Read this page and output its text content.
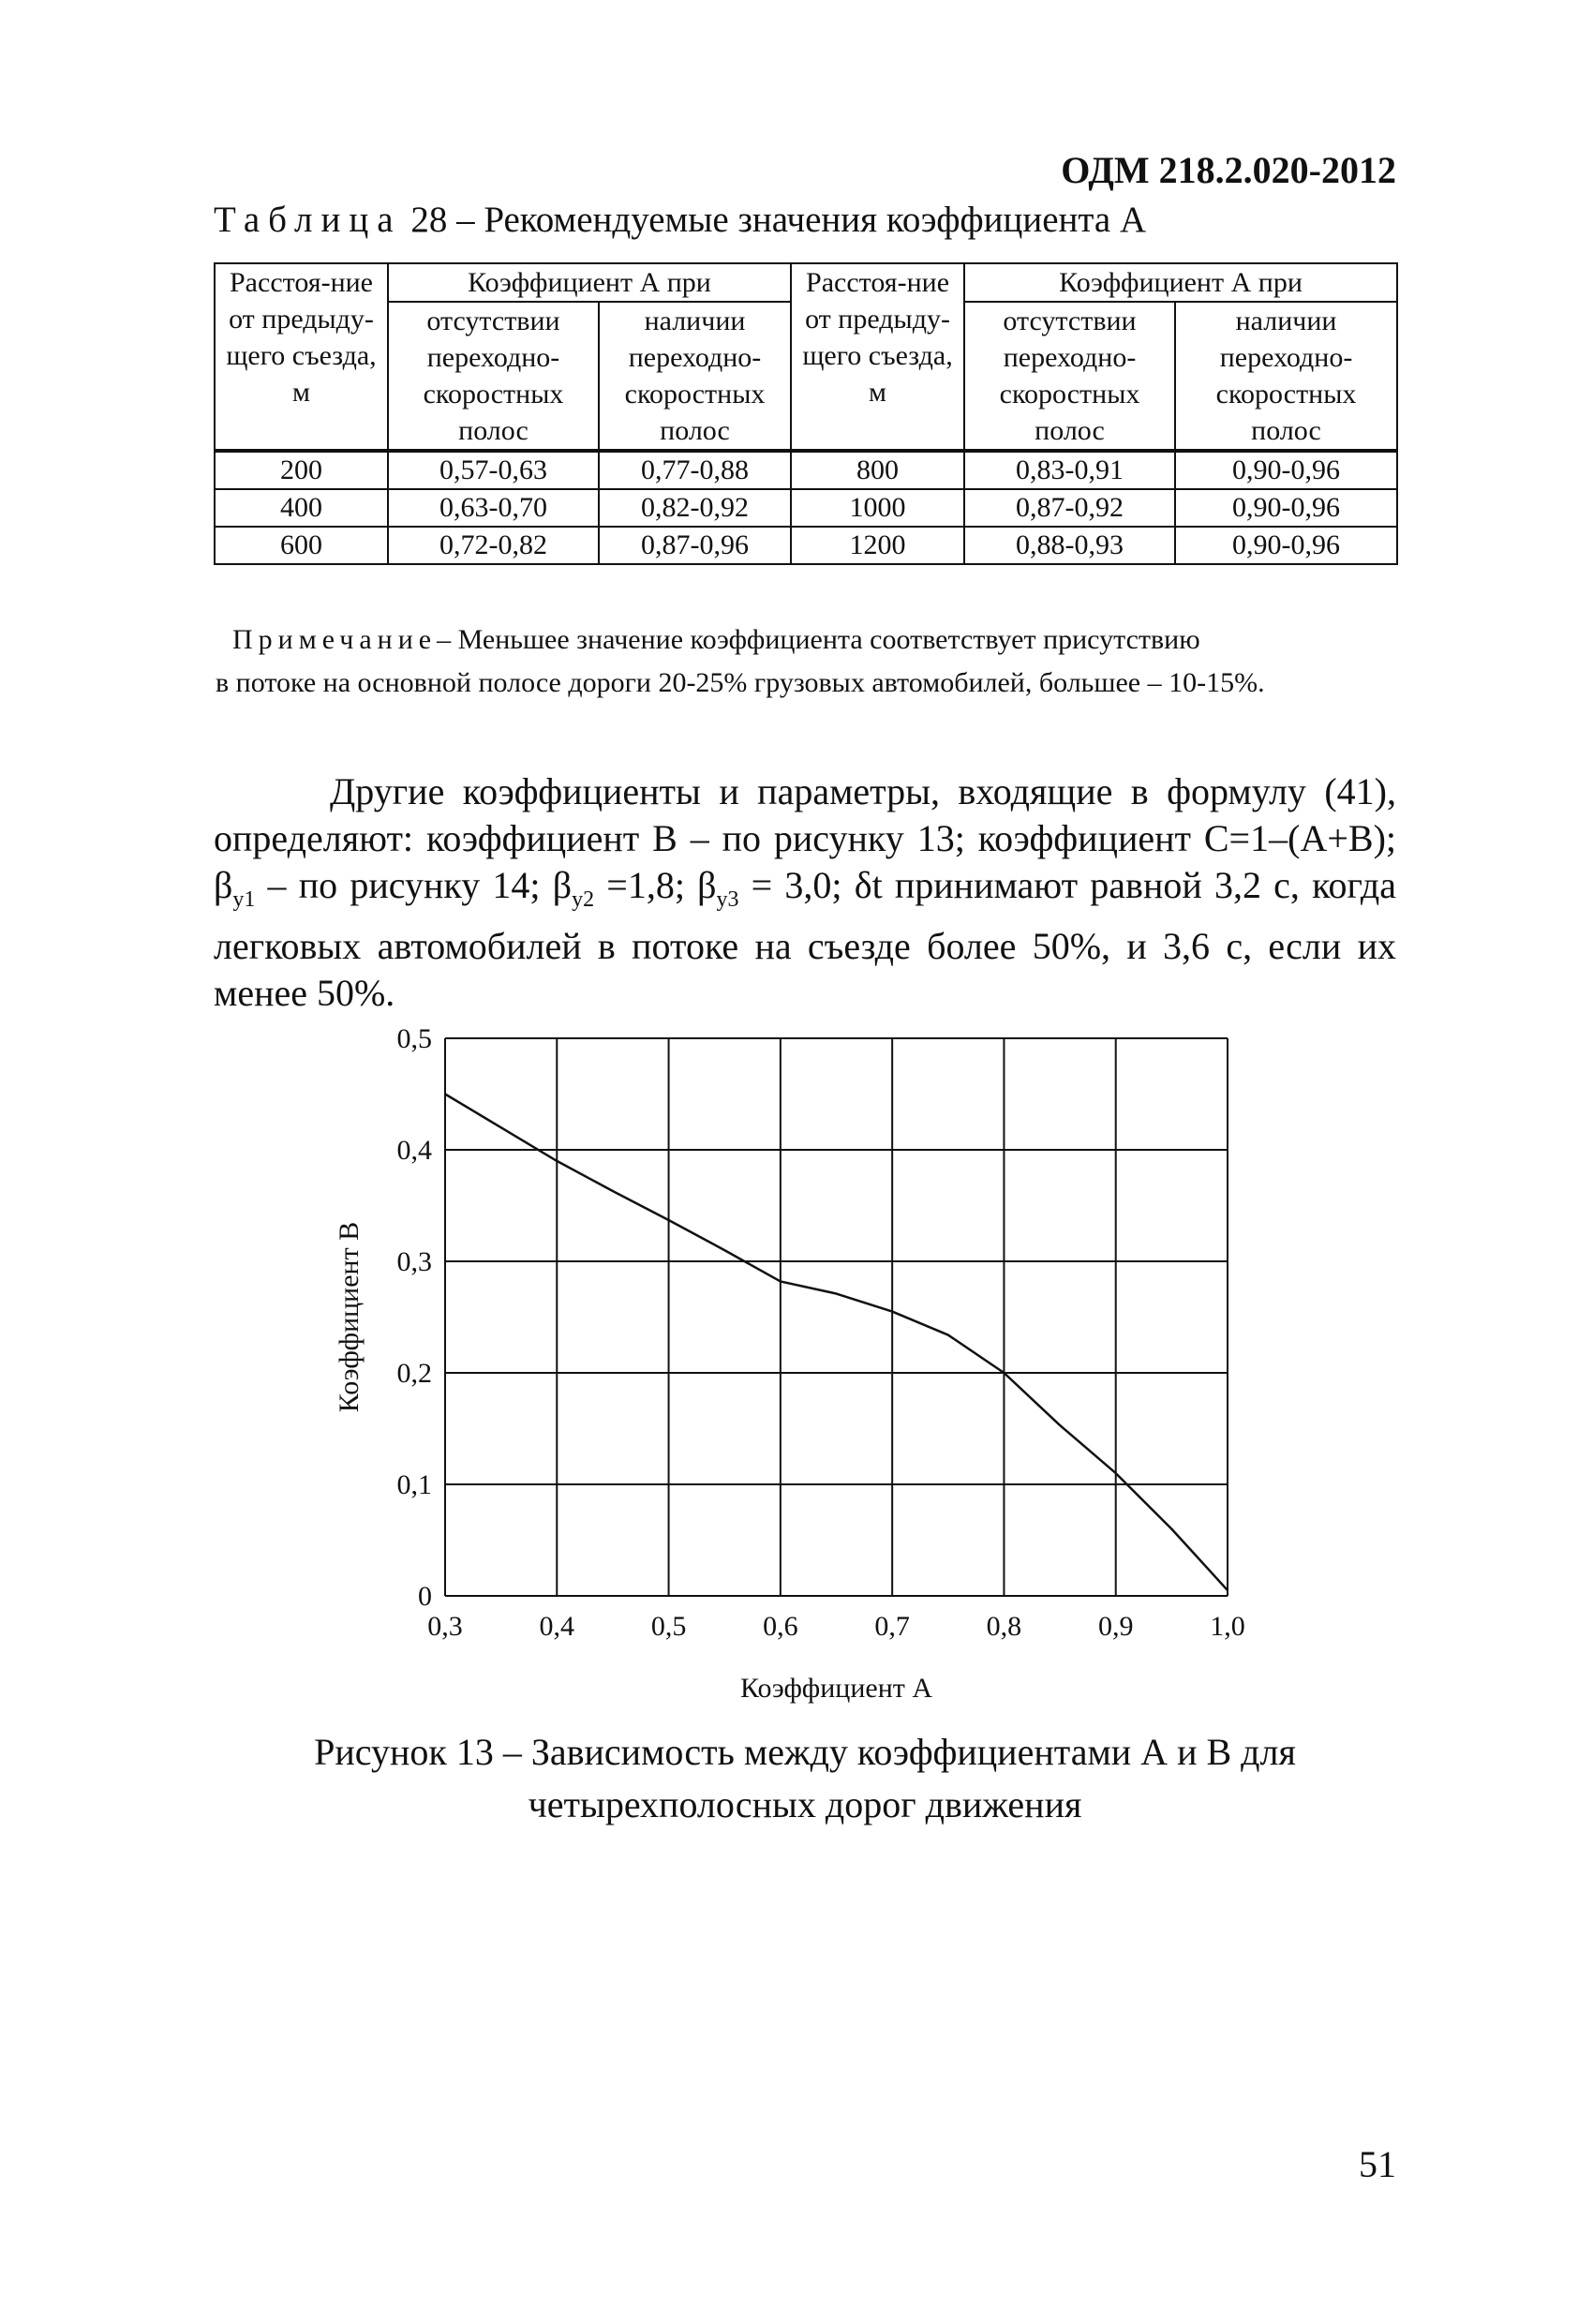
ОДМ 218.2.020-2012
Таблица 28 – Рекомендуемые значения коэффициента А
Расстоя-ние от предыду-щего съезда, м	Коэффициент А при		Расстоя-ние от предыду-щего съезда, м	Коэффициент А при	
	отсутствии переходно-скоростных полос	наличии переходно-скоростных полос		отсутствии переходно-скоростных полос	наличии переходно-скоростных полос
200	0,57-0,63	0,77-0,88	800	0,83-0,91	0,90-0,96
400	0,63-0,70	0,82-0,92	1000	0,87-0,92	0,90-0,96
600	0,72-0,82	0,87-0,96	1200	0,88-0,93	0,90-0,96
Примечание– Меньшее значение коэффициента соответствует присутствию
в потоке на основной полосе дороги 20-25% грузовых автомобилей, большее – 10-15%.
Другие коэффициенты и параметры, входящие в формулу (41), определяют: коэффициент В – по рисунку 13; коэффициент С=1–(А+В); $\beta_{у1}$ – по рисунку 14; $\beta_{у2} =1,8$; $\beta_{у3} = 3,0$; δt принимают равной 3,2 с, когда легковых автомобилей в потоке на съезде более 50%, и 3,6 с, если их менее 50%.
0,3	0,4	0,5	0,6	0,7	0,8	0,9	1,0
0
0,1
0,2
0,3
0,4
0,5
Коэффициент А
Коэффициент В
Рисунок 13 – Зависимость между коэффициентами А и В для
четырехполосных дорог движения
51
